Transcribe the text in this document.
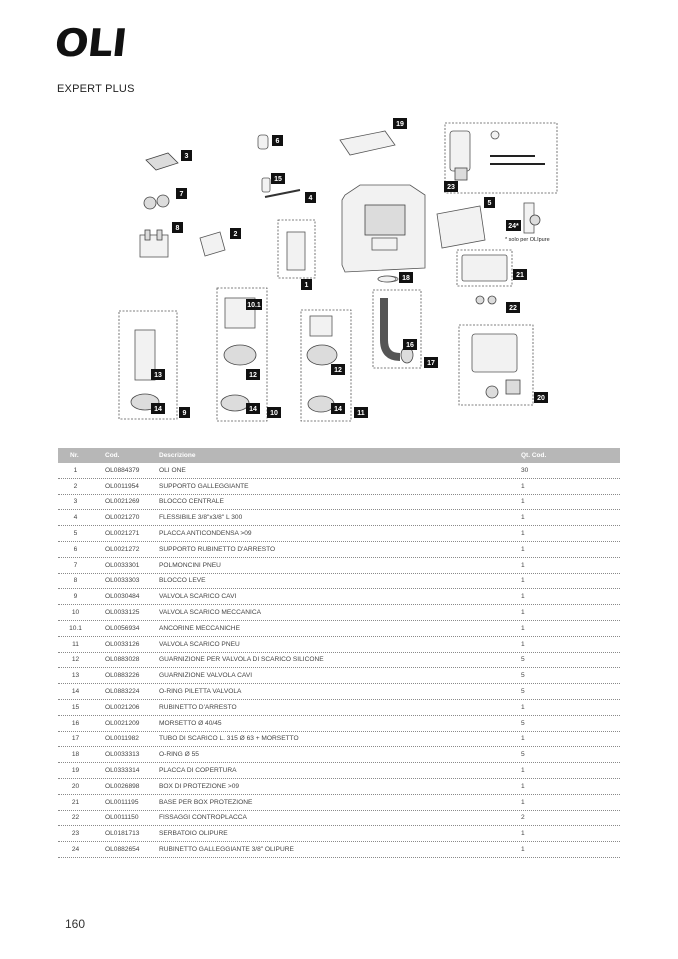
OLI
EXPERT PLUS
19
6
3
15
23
7
4
5
24*
8
2
* solo per OLIpure
21
18
1
10.1	22
16
17
12
13	12
20
14	14	14
9	10	11
Nr.	Cod.	Descrizione	Qt. Cod.
1	OL0884379	OLI ONE	30
2	OL0011954	SUPPORTO GALLEGGIANTE	1
3	OL0021269	BLOCCO CENTRALE	1
4	OL0021270	FLESSIBILE 3/8"x3/8" L 300	1
5	OL0021271	PLACCA ANTICONDENSA >09	1
6	OL0021272	SUPPORTO RUBINETTO D'ARRESTO	1
7	OL0033301	POLMONCINI PNEU	1
8	OL0033303	BLOCCO LEVE	1
9	OL0030484	VALVOLA SCARICO CAVI	1
10	OL0033125	VALVOLA SCARICO MECCANICA	1
10.1	OL0056934	ANCORINE MECCANICHE	1
11	OL0033126	VALVOLA SCARICO PNEU	1
12	OL0883028	GUARNIZIONE PER VALVOLA DI SCARICO SILICONE	5
13	OL0883226	GUARNIZIONE VALVOLA CAVI	5
14	OL0883224	O-RING PILETTA VALVOLA	5
15	OL0021206	RUBINETTO D'ARRESTO	1
16	OL0021209	MORSETTO Ø 40/45	5
17	OL0011982	TUBO DI SCARICO L. 315 Ø 63 + MORSETTO	1
18	OL0033313	O-RING Ø 55	5
19	OL0333314	PLACCA DI COPERTURA	1
20	OL0026898	BOX DI PROTEZIONE >09	1
21	OL0011195	BASE PER BOX PROTEZIONE	1
22	OL0011150	FISSAGGI CONTROPLACCA	2
23	OL0181713	SERBATOIO OLIPURE	1
24	OL0882654	RUBINETTO GALLEGGIANTE 3/8" OLIPURE	1
160
